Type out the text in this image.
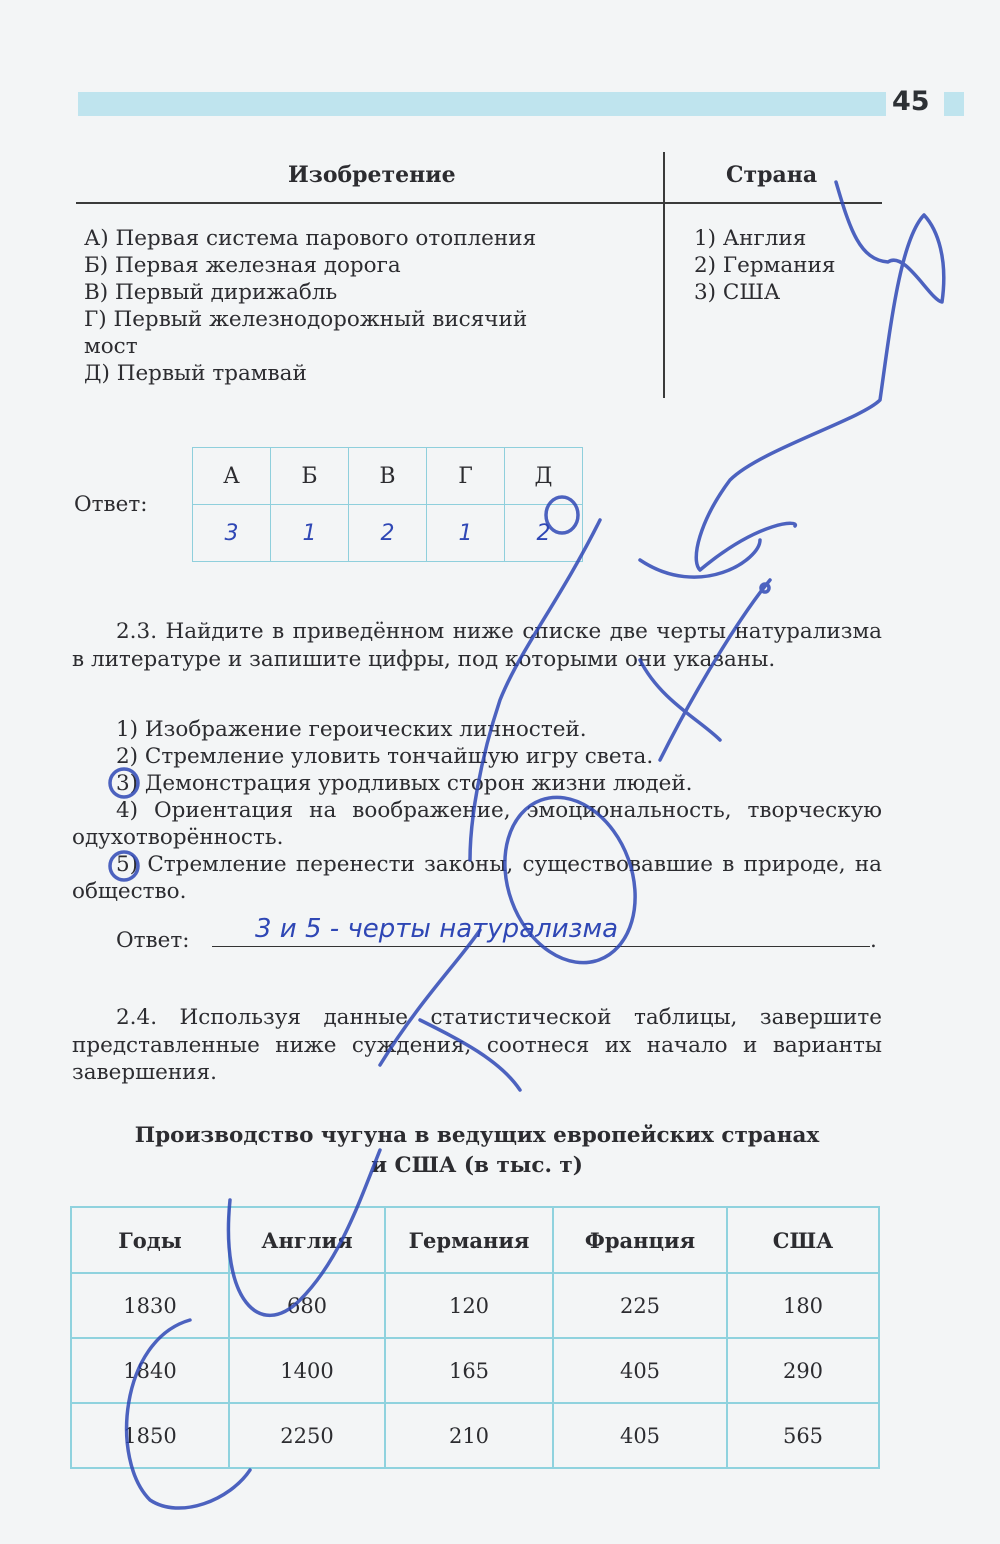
45
Изобретение	Страна
А) Первая система парового отопления
Б) Первая железная дорога
В) Первый дирижабль
Г) Первый железнодорожный висячий
мост
Д) Первый трамвай
1) Англия
2) Германия
3) США
Ответ:
А	Б	В	Г	Д
3	1	2	1	2
2.3. Найдите в приведённом ниже списке две черты натурализма в литературе и запишите цифры, под которыми они указаны.
1) Изображение героических личностей.
2) Стремление уловить тончайшую игру света.
3) Демонстрация уродливых сторон жизни людей.
4) Ориентация на воображение, эмоциональность, творческую одухотворённость.
5) Стремление перенести законы, существовавшие в природе, на общество.
Ответ:	.
3 и 5 - черты натурализма
2.4. Используя данные статистической таблицы, завершите представленные ниже суждения, соотнеся их начало и варианты завершения.
Производство чугуна в ведущих европейских странах
и США (в тыс. т)
Годы	Англия	Германия	Франция	США
1830	680	120	225	180
1840	1400	165	405	290
1850	2250	210	405	565
